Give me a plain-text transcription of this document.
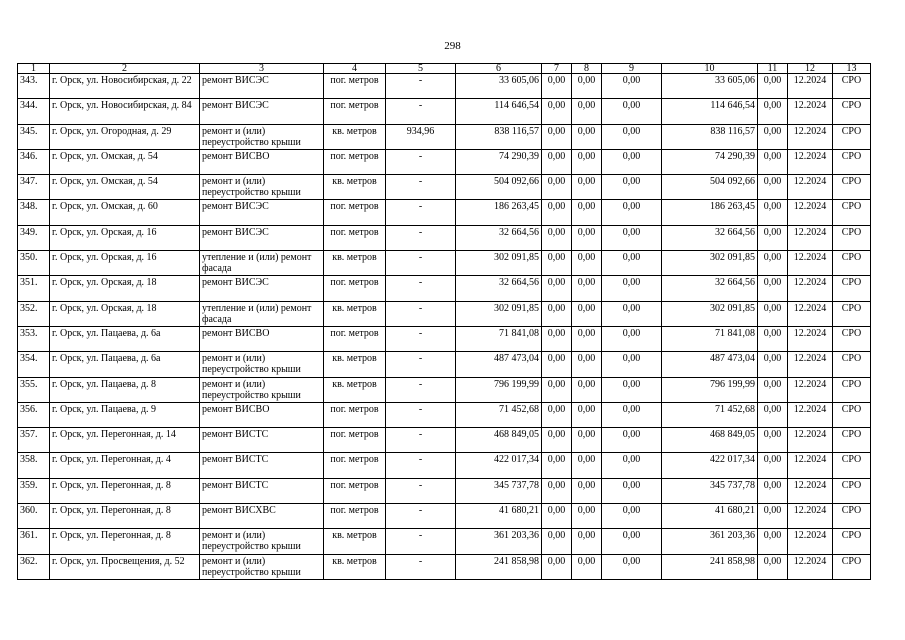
298
1	2	3	4	5	6	7	8	9	10	11	12	13
343.	г. Орск, ул. Новосибирская, д. 22	ремонт ВИСЭС	пог. метров	-	33 605,06	0,00	0,00	0,00	33 605,06	0,00	12.2024	СРО
344.	г. Орск, ул. Новосибирская, д. 84	ремонт ВИСЭС	пог. метров	-	114 646,54	0,00	0,00	0,00	114 646,54	0,00	12.2024	СРО
345.	г. Орск, ул. Огородная, д. 29	ремонт и (или) переустройство крыши	кв. метров	934,96	838 116,57	0,00	0,00	0,00	838 116,57	0,00	12.2024	СРО
346.	г. Орск, ул. Омская, д. 54	ремонт ВИСВО	пог. метров	-	74 290,39	0,00	0,00	0,00	74 290,39	0,00	12.2024	СРО
347.	г. Орск, ул. Омская, д. 54	ремонт и (или) переустройство крыши	кв. метров	-	504 092,66	0,00	0,00	0,00	504 092,66	0,00	12.2024	СРО
348.	г. Орск, ул. Омская, д. 60	ремонт ВИСЭС	пог. метров	-	186 263,45	0,00	0,00	0,00	186 263,45	0,00	12.2024	СРО
349.	г. Орск, ул. Орская, д. 16	ремонт ВИСЭС	пог. метров	-	32 664,56	0,00	0,00	0,00	32 664,56	0,00	12.2024	СРО
350.	г. Орск, ул. Орская, д. 16	утепление и (или) ремонт фасада	кв. метров	-	302 091,85	0,00	0,00	0,00	302 091,85	0,00	12.2024	СРО
351.	г. Орск, ул. Орская, д. 18	ремонт ВИСЭС	пог. метров	-	32 664,56	0,00	0,00	0,00	32 664,56	0,00	12.2024	СРО
352.	г. Орск, ул. Орская, д. 18	утепление и (или) ремонт фасада	кв. метров	-	302 091,85	0,00	0,00	0,00	302 091,85	0,00	12.2024	СРО
353.	г. Орск, ул. Пацаева, д. 6а	ремонт ВИСВО	пог. метров	-	71 841,08	0,00	0,00	0,00	71 841,08	0,00	12.2024	СРО
354.	г. Орск, ул. Пацаева, д. 6а	ремонт и (или) переустройство крыши	кв. метров	-	487 473,04	0,00	0,00	0,00	487 473,04	0,00	12.2024	СРО
355.	г. Орск, ул. Пацаева, д. 8	ремонт и (или) переустройство крыши	кв. метров	-	796 199,99	0,00	0,00	0,00	796 199,99	0,00	12.2024	СРО
356.	г. Орск, ул. Пацаева, д. 9	ремонт ВИСВО	пог. метров	-	71 452,68	0,00	0,00	0,00	71 452,68	0,00	12.2024	СРО
357.	г. Орск, ул. Перегонная, д. 14	ремонт ВИСТС	пог. метров	-	468 849,05	0,00	0,00	0,00	468 849,05	0,00	12.2024	СРО
358.	г. Орск, ул. Перегонная, д. 4	ремонт ВИСТС	пог. метров	-	422 017,34	0,00	0,00	0,00	422 017,34	0,00	12.2024	СРО
359.	г. Орск, ул. Перегонная, д. 8	ремонт ВИСТС	пог. метров	-	345 737,78	0,00	0,00	0,00	345 737,78	0,00	12.2024	СРО
360.	г. Орск, ул. Перегонная, д. 8	ремонт ВИСХВС	пог. метров	-	41 680,21	0,00	0,00	0,00	41 680,21	0,00	12.2024	СРО
361.	г. Орск, ул. Перегонная, д. 8	ремонт и (или) переустройство крыши	кв. метров	-	361 203,36	0,00	0,00	0,00	361 203,36	0,00	12.2024	СРО
362.	г. Орск, ул. Просвещения, д. 52	ремонт и (или) переустройство крыши	кв. метров	-	241 858,98	0,00	0,00	0,00	241 858,98	0,00	12.2024	СРО
